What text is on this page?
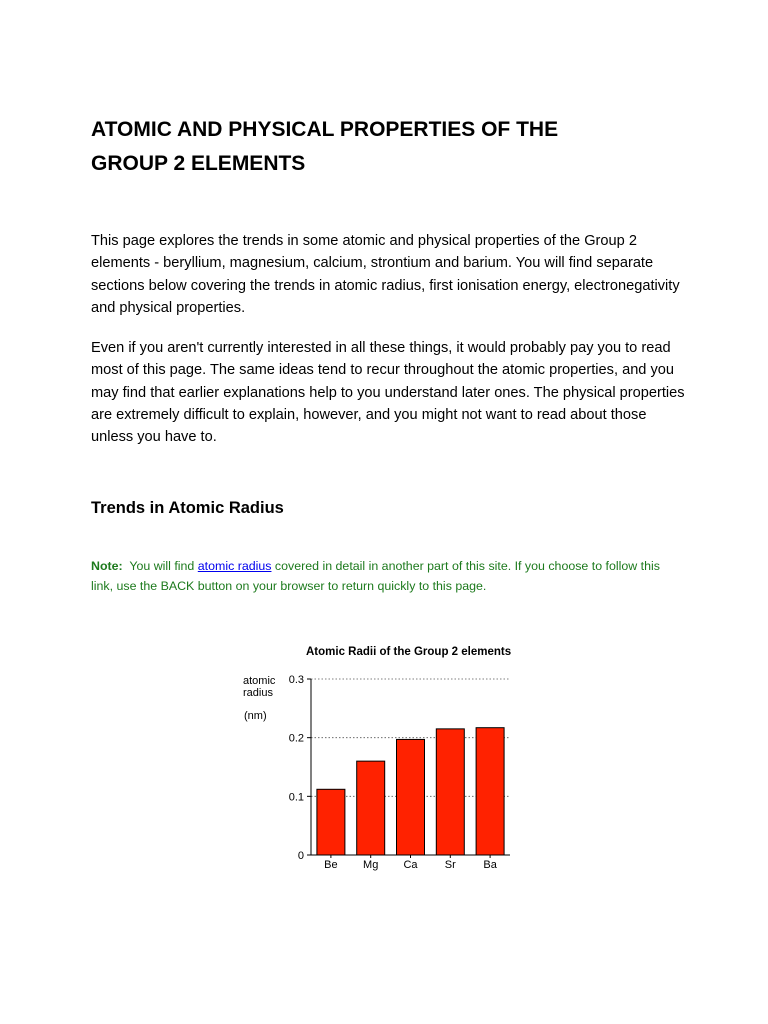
ATOMIC AND PHYSICAL PROPERTIES OF THE
GROUP 2 ELEMENTS

This page explores the trends in some atomic and physical properties of the Group 2 elements - beryllium, magnesium, calcium, strontium and barium. You will find separate sections below covering the trends in atomic radius, first ionisation energy, electronegativity and physical properties.

Even if you aren't currently interested in all these things, it would probably pay you to read most of this page. The same ideas tend to recur throughout the atomic properties, and you may find that earlier explanations help to you understand later ones. The physical properties are extremely difficult to explain, however, and you might not want to read about those unless you have to.

Trends in Atomic Radius

Note: You will find atomic radius covered in detail in another part of this site. If you choose to follow this link, use the BACK button on your browser to return quickly to this page.

Atomic Radii of the Group 2 elements
atomic
radius
(nm)
0
0.1
0.2
0.3
Be Mg Ca Sr	Ba
